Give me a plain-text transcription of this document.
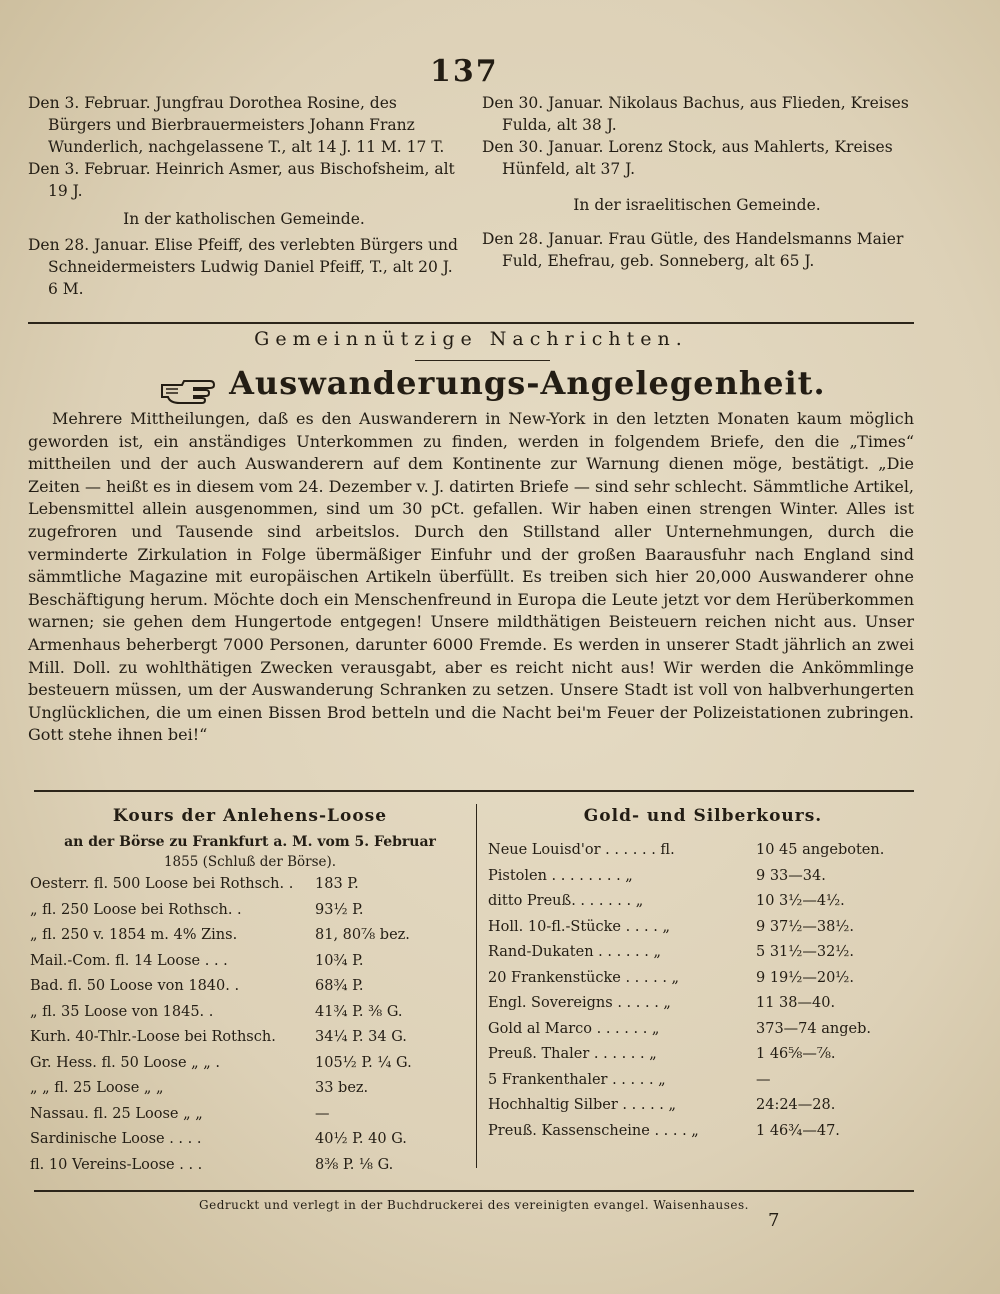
137

Den 3. Februar. Jungfrau Dorothea Rosine, des Bürgers und Bierbrauermeisters Johann Franz Wunderlich, nachgelassene T., alt 14 J. 11 M. 17 T.

Den 3. Februar. Heinrich Asmer, aus Bischofsheim, alt 19 J.

In der katholischen Gemeinde.

Den 28. Januar. Elise Pfeiff, des verlebten Bürgers und Schneidermeisters Ludwig Daniel Pfeiff, T., alt 20 J. 6 M.

Den 30. Januar. Nikolaus Bachus, aus Flieden, Kreises Fulda, alt 38 J.

Den 30. Januar. Lorenz Stock, aus Mahlerts, Kreises Hünfeld, alt 37 J.

In der israelitischen Gemeinde.

Den 28. Januar. Frau Gütle, des Handelsmanns Maier Fuld, Ehefrau, geb. Sonneberg, alt 65 J.

Gemeinnützige Nachrichten.
Auswanderungs-Angelegenheit.

Mehrere Mittheilungen, daß es den Auswanderern in New-York in den letzten Monaten kaum möglich geworden ist, ein anständiges Unterkommen zu finden, werden in folgendem Briefe, den die „Times“ mittheilen und der auch Auswanderern auf dem Kontinente zur Warnung dienen möge, bestätigt. „Die Zeiten — heißt es in diesem vom 24. Dezember v. J. datirten Briefe — sind sehr schlecht. Sämmtliche Artikel, Lebensmittel allein ausgenommen, sind um 30 pCt. gefallen. Wir haben einen strengen Winter. Alles ist zugefroren und Tausende sind arbeitslos. Durch den Stillstand aller Unternehmungen, durch die verminderte Zirkulation in Folge übermäßiger Einfuhr und der großen Baarausfuhr nach England sind sämmtliche Magazine mit europäischen Artikeln überfüllt. Es treiben sich hier 20,000 Auswanderer ohne Beschäftigung herum. Möchte doch ein Menschenfreund in Europa die Leute jetzt vor dem Herüberkommen warnen; sie gehen dem Hungertode entgegen! Unsere mildthätigen Beisteuern reichen nicht aus. Unser Armenhaus beherbergt 7000 Personen, darunter 6000 Fremde. Es werden in unserer Stadt jährlich an zwei Mill. Doll. zu wohlthätigen Zwecken verausgabt, aber es reicht nicht aus! Wir werden die Ankömmlinge besteuern müssen, um der Auswanderung Schranken zu setzen. Unsere Stadt ist voll von halbverhungerten Unglücklichen, die um einen Bissen Brod betteln und die Nacht bei'm Feuer der Polizeistationen zubringen. Gott stehe ihnen bei!“

Kours der Anlehens-Loose
an der Börse zu Frankfurt a. M. vom 5. Februar
1855 (Schluß der Börse).
Oesterr. fl. 500 Loose bei Rothsch. .	183 P.
„ fl. 250 Loose bei Rothsch. .	93½ P.
„ fl. 250 v. 1854 m. 4% Zins.	81, 80⅞ bez.
Mail.-Com. fl. 14 Loose . . .	10¾ P.
Bad. fl. 50 Loose von 1840. .	68¾ P.
„ fl. 35 Loose von 1845. .	41¾ P. ⅜ G.
Kurh. 40-Thlr.-Loose bei Rothsch.	34¼ P. 34 G.
Gr. Hess. fl. 50 Loose „ „ .	105½ P. ¼ G.
„ „ fl. 25 Loose „ „	33 bez.
Nassau. fl. 25 Loose „ „	—
Sardinische Loose . . . .	40½ P. 40 G.
fl. 10 Vereins-Loose . . .	8⅜ P. ⅛ G.
Gold- und Silberkours.
Neue Louisd'or . . . . . . fl.	10 45 angeboten.
Pistolen . . . . . . . . „	9 33—34.
ditto Preuß. . . . . . . „	10 3½—4½.
Holl. 10-fl.-Stücke . . . . „	9 37½—38½.
Rand-Dukaten . . . . . . „	5 31½—32½.
20 Frankenstücke . . . . . „	9 19½—20½.
Engl. Sovereigns . . . . . „	11 38—40.
Gold al Marco . . . . . . „	373—74 angeb.
Preuß. Thaler . . . . . . „	1 46⅝—⅞.
5 Frankenthaler . . . . . „	—
Hochhaltig Silber . . . . . „	24:24—28.
Preuß. Kassenscheine . . . . „	1 46¾—47.
Gedruckt und verlegt in der Buchdruckerei des vereinigten evangel. Waisenhauses.
7
